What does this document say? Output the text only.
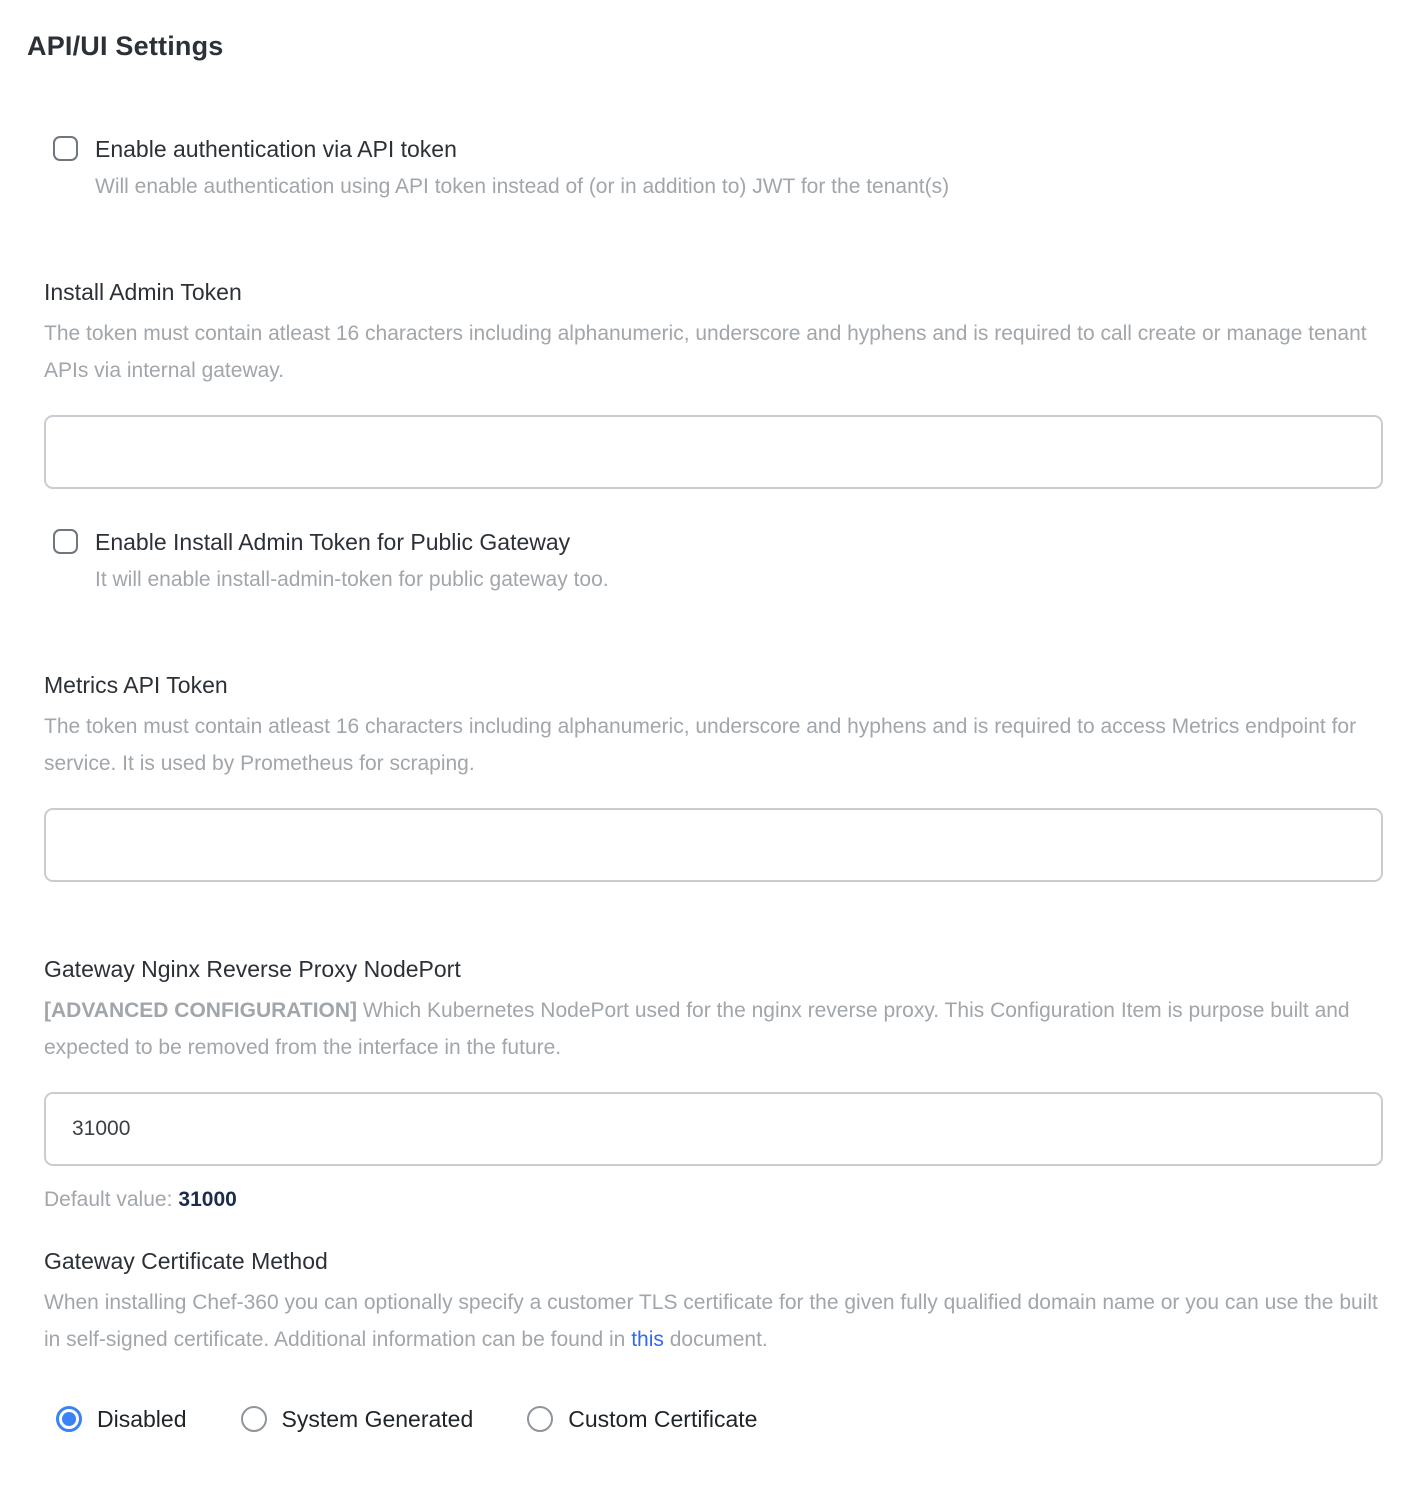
API/UI Settings
Enable authentication via API token
Will enable authentication using API token instead of (or in addition to) JWT for the tenant(s)
Install Admin Token
The token must contain atleast 16 characters including alphanumeric, underscore and hyphens and is required to call create or manage tenant APIs via internal gateway.
Enable Install Admin Token for Public Gateway
It will enable install-admin-token for public gateway too.
Metrics API Token
The token must contain atleast 16 characters including alphanumeric, underscore and hyphens and is required to access Metrics endpoint for service. It is used by Prometheus for scraping.
Gateway Nginx Reverse Proxy NodePort
[ADVANCED CONFIGURATION] Which Kubernetes NodePort used for the nginx reverse proxy. This Configuration Item is purpose built and expected to be removed from the interface in the future.
31000
Default value: 31000
Gateway Certificate Method
When installing Chef-360 you can optionally specify a customer TLS certificate for the given fully qualified domain name or you can use the built in self-signed certificate. Additional information can be found in this document.
Disabled	System Generated	Custom Certificate
